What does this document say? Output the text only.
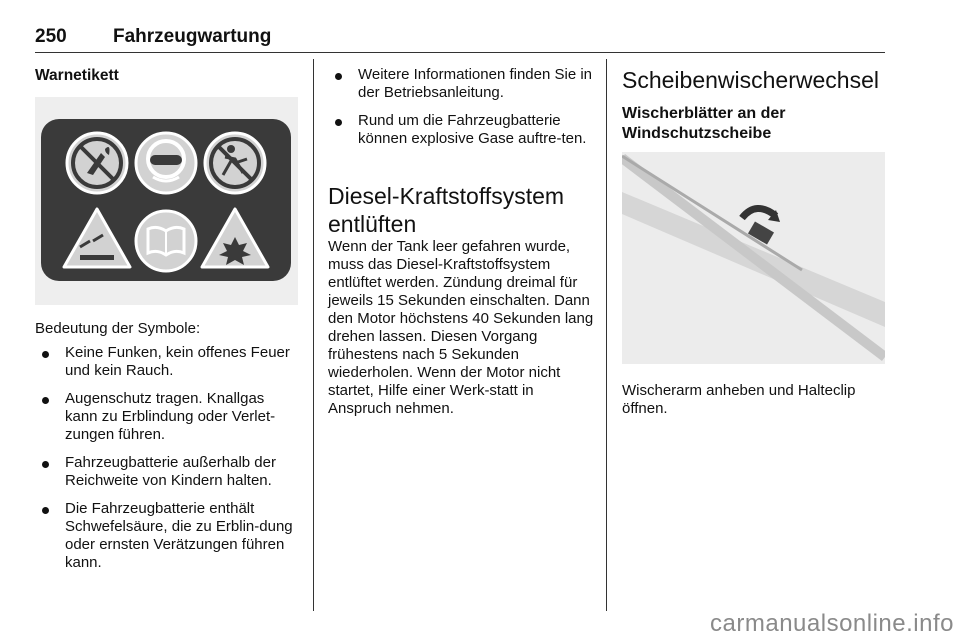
250 Fahrzeugwartung
Warnetikett
Bedeutung der Symbole:
Keine Funken, kein offenes Feuer und kein Rauch.
Augenschutz tragen. Knallgas kann zu Erblindung oder Verlet-zungen führen.
Fahrzeugbatterie außerhalb der Reichweite von Kindern halten.
Die Fahrzeugbatterie enthält Schwefelsäure, die zu Erblin-dung oder ernsten Verätzungen führen kann.
Weitere Informationen finden Sie in der Betriebsanleitung.
Rund um die Fahrzeugbatterie können explosive Gase auftre-ten.
Diesel-Kraftstoffsystem
entlüften
Wenn der Tank leer gefahren wurde, muss das Diesel-Kraftstoffsystem entlüftet werden. Zündung dreimal für jeweils 15 Sekunden einschalten. Dann den Motor höchstens 40 Sekunden lang drehen lassen. Diesen Vorgang frühestens nach 5 Sekunden wiederholen. Wenn der Motor nicht startet, Hilfe einer Werk-statt in Anspruch nehmen.
Scheibenwischerwechsel
Wischerblätter an der
Windschutzscheibe
Wischerarm anheben und Halteclip öffnen.
carmanualsonline.info
